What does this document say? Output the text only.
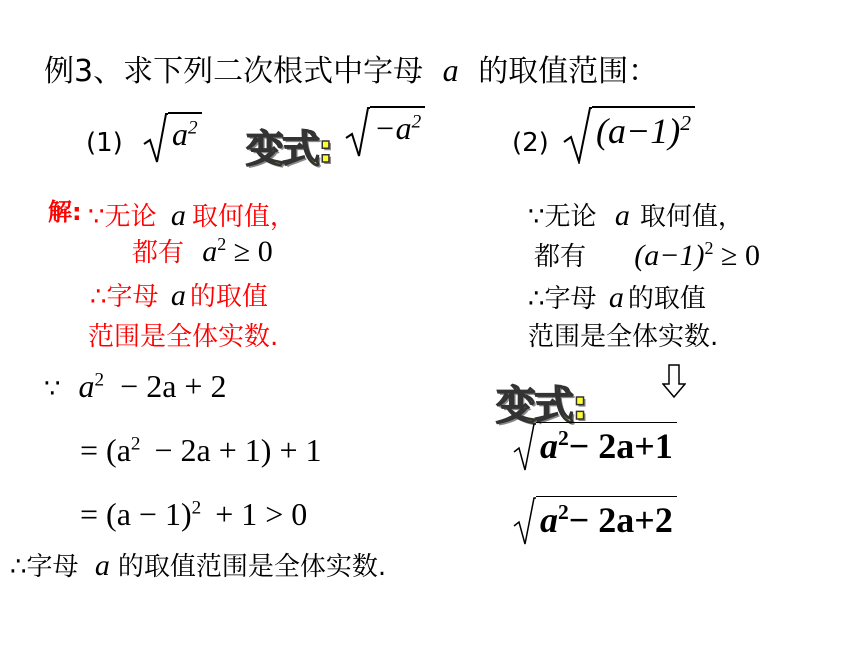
例3、求下列二次根式中字母 a 的取值范围：
(1) $a^2$ 变式: $-a^2$
(2) $(a-1)^2$
解: ∵无论 a 取何值，
都有 $a^2 \ge 0$
∴字母 a 的取值
范围是全体实数.
∵无论 a 取何值，
都有 $(a-1)^2 \ge 0$
∴字母 a 的取值
范围是全体实数.
∵ $a^2 - 2a + 2$
= $(a^2 - 2a + 1) + 1$
= $(a - 1)^2 + 1 > 0$
∴字母 a 的取值范围是全体实数.
变式:
$a^2- 2a+1$
$a^2- 2a+2$
